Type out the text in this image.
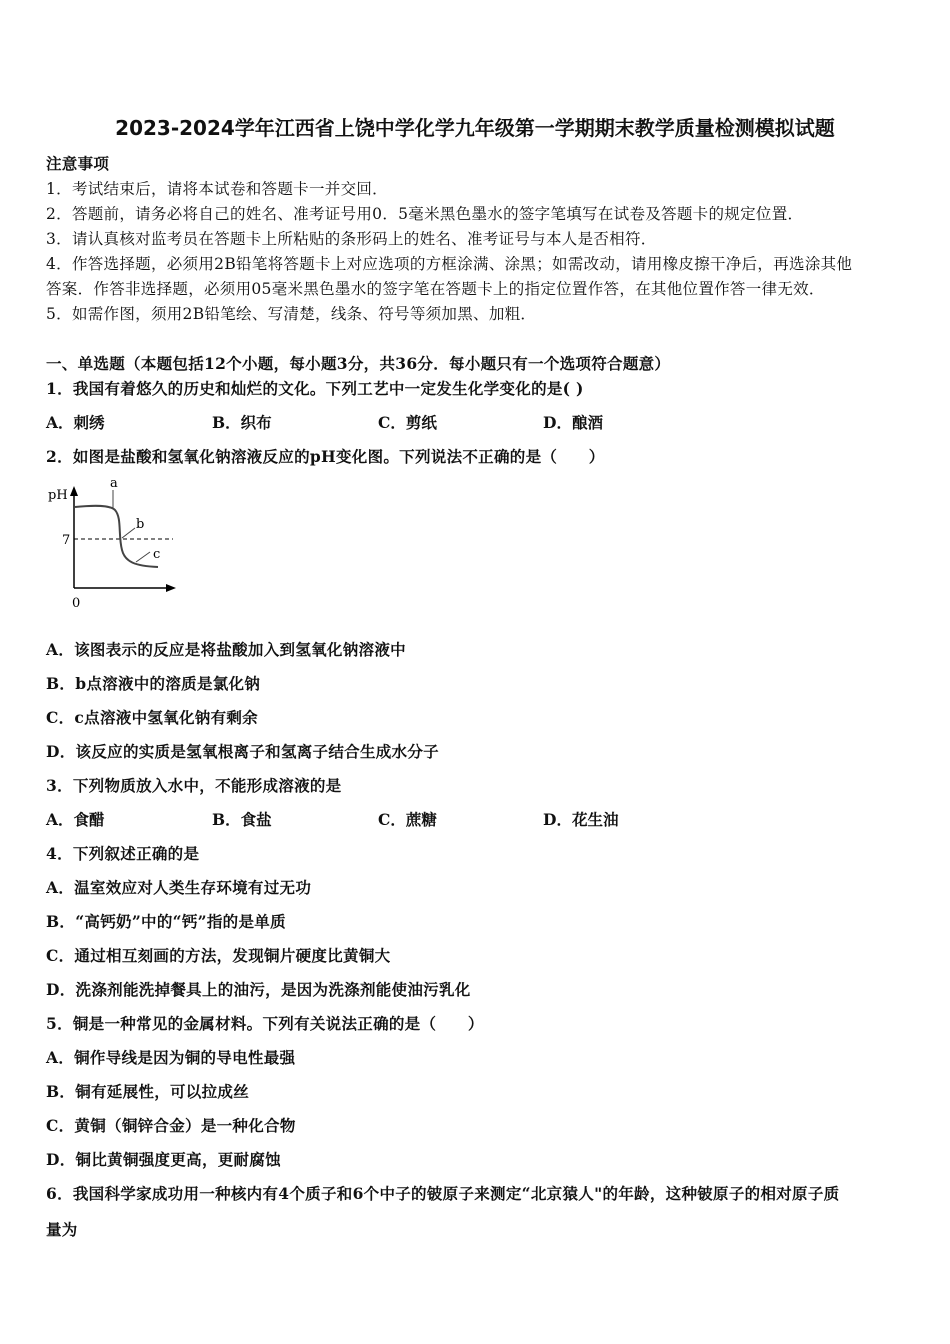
2023-2024学年江西省上饶中学化学九年级第一学期期末教学质量检测模拟试题
注意事项
1．考试结束后，请将本试卷和答题卡一并交回．
2．答题前，请务必将自己的姓名、准考证号用0．5毫米黑色墨水的签字笔填写在试卷及答题卡的规定位置．
3．请认真核对监考员在答题卡上所粘贴的条形码上的姓名、准考证号与本人是否相符．
4．作答选择题，必须用2B铅笔将答题卡上对应选项的方框涂满、涂黑；如需改动，请用橡皮擦干净后，再选涂其他
答案．作答非选择题，必须用05毫米黑色墨水的签字笔在答题卡上的指定位置作答，在其他位置作答一律无效．
5．如需作图，须用2B铅笔绘、写清楚，线条、符号等须加黑、加粗．
一、单选题（本题包括12个小题，每小题3分，共36分．每小题只有一个选项符合题意）
1．我国有着悠久的历史和灿烂的文化。下列工艺中一定发生化学变化的是( )
A．刺绣	B．织布	C．剪纸	D．酿酒
2．如图是盐酸和氢氧化钠溶液反应的pH变化图。下列说法不正确的是（　　）
pH
7
0
a
b
c
A．该图表示的反应是将盐酸加入到氢氧化钠溶液中
B．b点溶液中的溶质是氯化钠
C．c点溶液中氢氧化钠有剩余
D．该反应的实质是氢氧根离子和氢离子结合生成水分子
3．下列物质放入水中，不能形成溶液的是
A．食醋	B．食盐	C．蔗糖	D．花生油
4．下列叙述正确的是
A．温室效应对人类生存环境有过无功
B．“高钙奶”中的“钙”指的是单质
C．通过相互刻画的方法，发现铜片硬度比黄铜大
D．洗涤剂能洗掉餐具上的油污，是因为洗涤剂能使油污乳化
5．铜是一种常见的金属材料。下列有关说法正确的是（　　）
A．铜作导线是因为铜的导电性最强
B．铜有延展性，可以拉成丝
C．黄铜（铜锌合金）是一种化合物
D．铜比黄铜强度更高，更耐腐蚀
6．我国科学家成功用一种核内有4个质子和6个中子的铍原子来测定“北京猿人"的年龄，这种铍原子的相对原子质
量为
